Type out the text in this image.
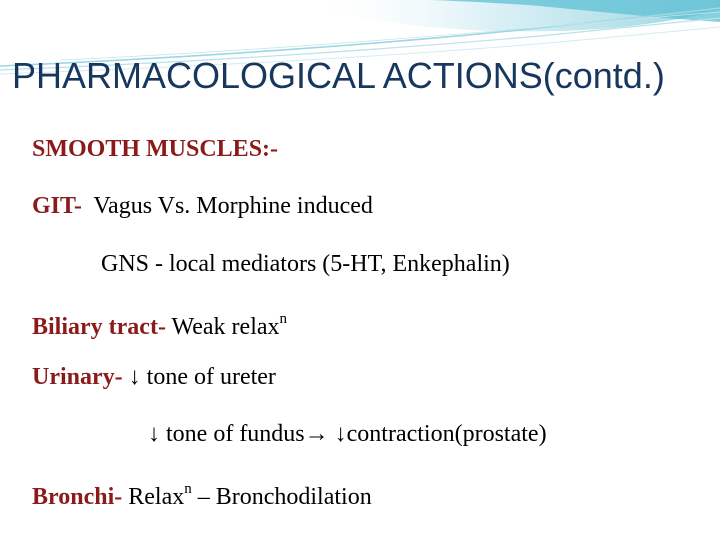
PHARMACOLOGICAL ACTIONS(contd.)
SMOOTH MUSCLES:-
GIT-  Vagus Vs. Morphine induced
GNS - local mediators (5-HT, Enkephalin)
Biliary tract- Weak relax$^n$
Urinary- ↓ tone of ureter
↓ tone of fundus→ ↓contraction(prostate)
Bronchi- Relax$^n$ – Bronchodilation
